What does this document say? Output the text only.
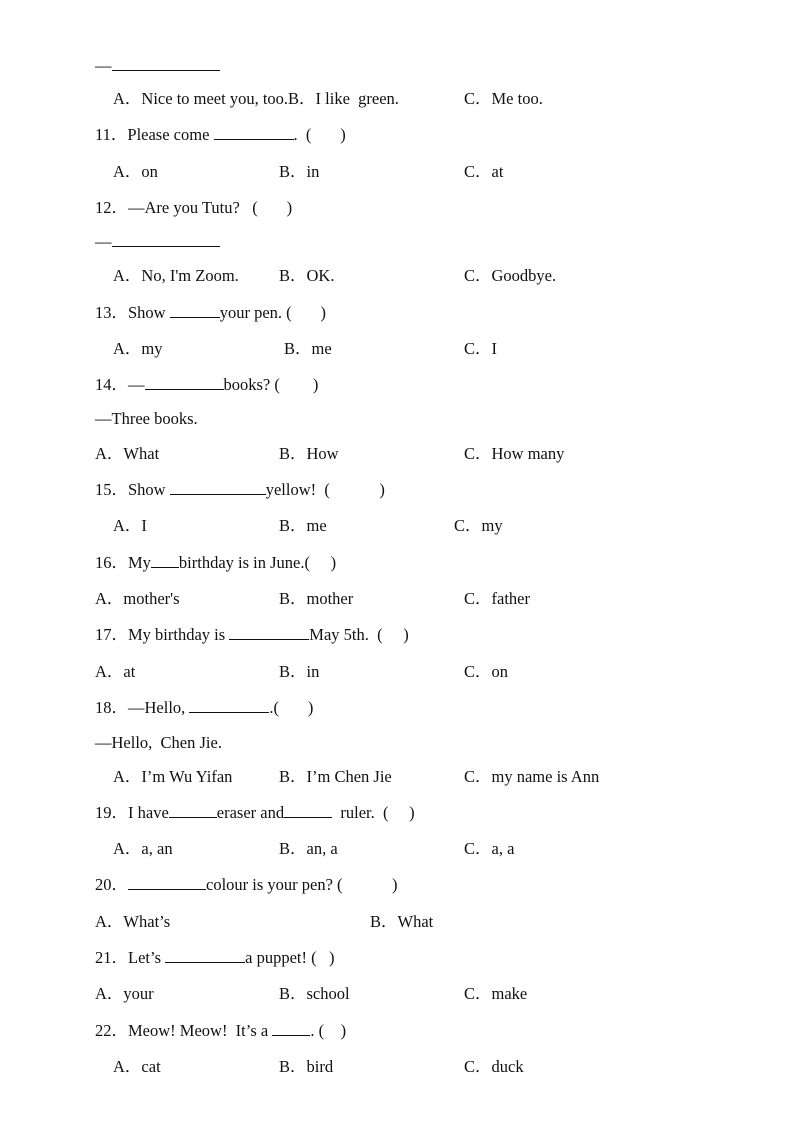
—
A．Nice to meet you, too.B．I like  green.	C．Me too.
11．Please come	.  (       )
A．on	B．in	C．at
12．—Are you Tutu?   (       )
—
A．No, I'm Zoom. B．OK.	C．Goodbye.
13．Show	your pen. (       )
A．my	B．me	C．I
14．—	books? (        )
—Three books.
A．What	B．How	C．How many
15．Show	yellow!  (            )
A．I	B．me	C．my
16．My birthday is in June.(     )
A．mother's	B．mother	C．father
17．My birthday is	May 5th.  (     )
A．at	B．in	C．on
18．—Hello,	.(       )
—Hello,  Chen Jie.
A．I’m Wu Yifan	B．I’m Chen Jie	C．my name is Ann
19．I have	eraser and	ruler.  (     )
A．a, an	B．an, a	C．a, a
20．	colour is your pen? (            )
A．What’s	B．What
21．Let’s	a puppet! (   )
A．your	B．school	C．make
22．Meow! Meow!  It’s a . (    )
A．cat	B．bird	C．duck
